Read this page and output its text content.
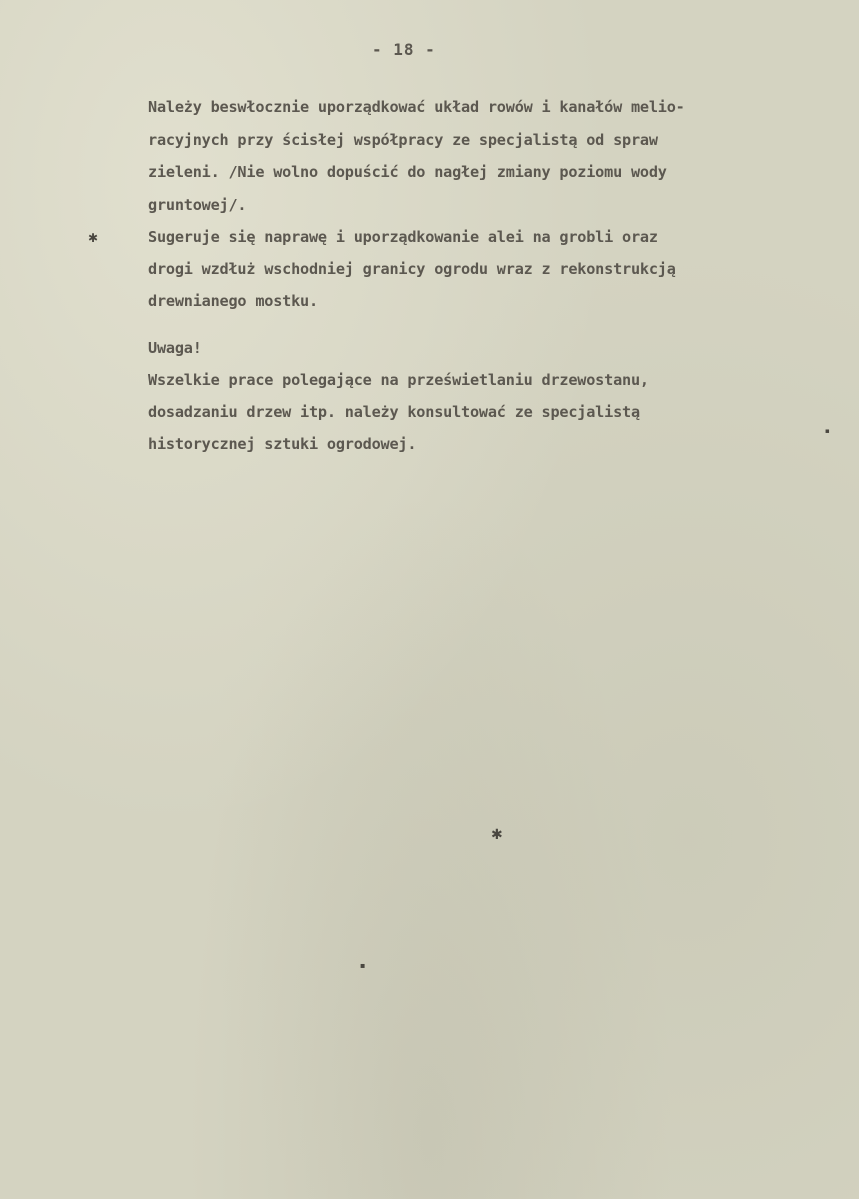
- 18 -
Należy beswłocznie uporządkować układ rowów i kanałów melio-
racyjnych przy ścisłej współpracy ze specjalistą od spraw
zieleni. /Nie wolno dopuścić do nagłej zmiany poziomu wody
gruntowej/.
Sugeruje się naprawę i uporządkowanie alei na grobli oraz
drogi wzdłuż wschodniej granicy ogrodu wraz z rekonstrukcją
drewnianego mostku.
Uwaga!
Wszelkie prace polegające na prześwietlaniu drzewostanu,
dosadzaniu drzew itp. należy konsultować ze specjalistą
historycznej sztuki ogrodowej.
✱
✱
▪
▪
